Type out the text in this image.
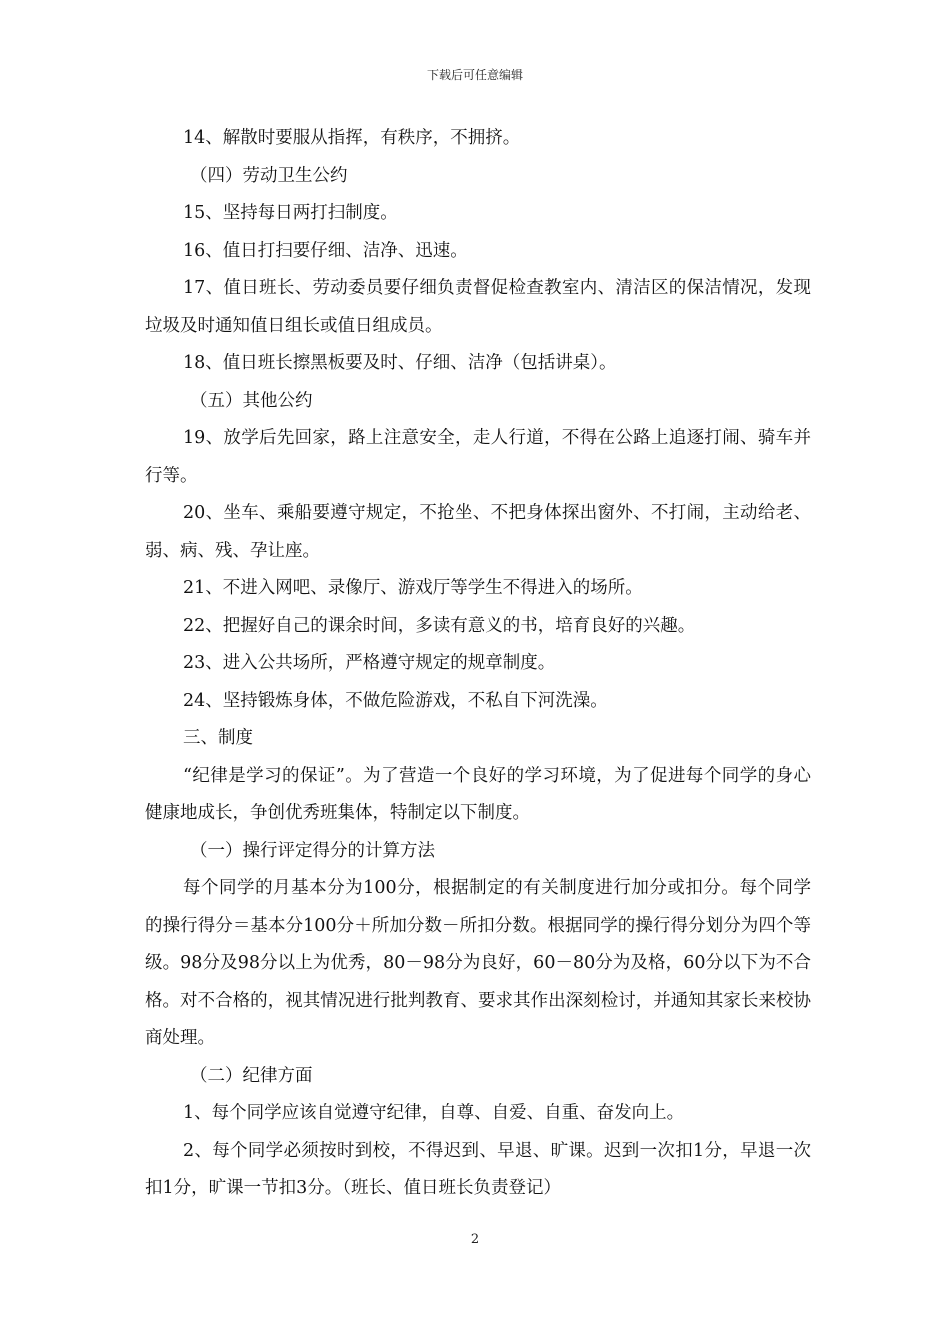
下载后可任意编辑

14、解散时要服从指挥，有秩序，不拥挤。

（四）劳动卫生公约

15、坚持每日两打扫制度。

16、值日打扫要仔细、洁净、迅速。

17、值日班长、劳动委员要仔细负责督促检查教室内、清洁区的保洁情况，发现垃圾及时通知值日组长或值日组成员。

18、值日班长擦黑板要及时、仔细、洁净（包括讲桌）。

（五）其他公约

19、放学后先回家，路上注意安全，走人行道，不得在公路上追逐打闹、骑车并行等。

20、坐车、乘船要遵守规定，不抢坐、不把身体探出窗外、不打闹，主动给老、弱、病、残、孕让座。

21、不进入网吧、录像厅、游戏厅等学生不得进入的场所。

22、把握好自己的课余时间，多读有意义的书，培育良好的兴趣。

23、进入公共场所，严格遵守规定的规章制度。

24、坚持锻炼身体，不做危险游戏，不私自下河洗澡。

三、制度

“纪律是学习的保证”。为了营造一个良好的学习环境，为了促进每个同学的身心健康地成长，争创优秀班集体，特制定以下制度。

（一）操行评定得分的计算方法

每个同学的月基本分为100分，根据制定的有关制度进行加分或扣分。每个同学的操行得分＝基本分100分＋所加分数－所扣分数。根据同学的操行得分划分为四个等级。98分及98分以上为优秀，80－98分为良好，60－80分为及格，60分以下为不合格。对不合格的，视其情况进行批判教育、要求其作出深刻检讨，并通知其家长来校协商处理。

（二）纪律方面

1、每个同学应该自觉遵守纪律，自尊、自爱、自重、奋发向上。

2、每个同学必须按时到校，不得迟到、早退、旷课。迟到一次扣1分，早退一次扣1分，旷课一节扣3分。（班长、值日班长负责登记）

2
